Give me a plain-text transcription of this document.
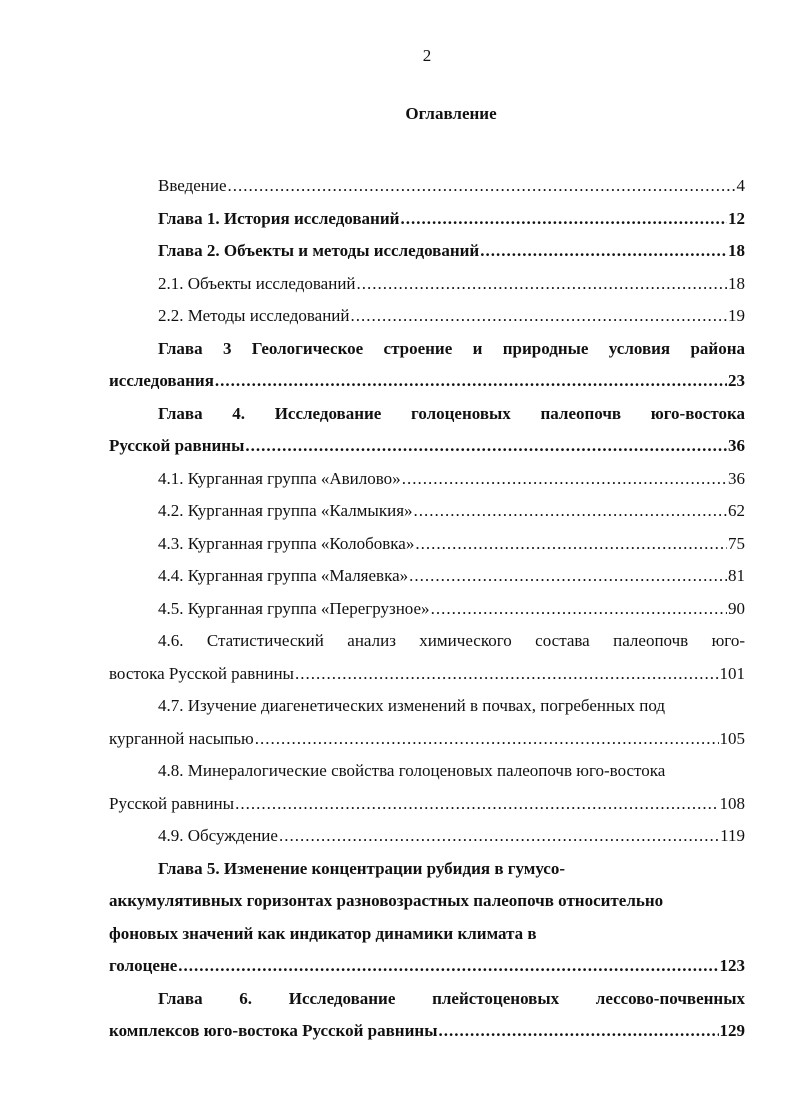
2
Оглавление
Введение .....	4
Глава 1. История исследований .....	12
Глава 2. Объекты и методы исследований .....	18
2.1. Объекты исследований .....	18
2.2. Методы исследований .....	19
Глава 3 Геологическое строение и природные условия района
исследования .....	23
Глава 4. Исследование голоценовых палеопочв юго-востока
Русской равнины .....	36
4.1. Курганная группа «Авилово» .....	36
4.2. Курганная группа «Калмыкия» .....	62
4.3. Курганная группа «Колобовка» .....	75
4.4. Курганная группа «Маляевка» .....	81
4.5. Курганная группа «Перегрузное» .....	90
4.6. Статистический анализ химического состава палеопочв юго-
востока Русской равнины .....	101
4.7. Изучение диагенетических изменений в почвах, погребенных под
курганной насыпью .....	105
4.8. Минералогические свойства голоценовых палеопочв юго-востока
Русской равнины .....	108
4.9. Обсуждение .....	119
Глава 5. Изменение концентрации рубидия в гумусо-
аккумулятивных горизонтах разновозрастных палеопочв относительно
фоновых значений как индикатор динамики климата в
голоцене .....	123
Глава 6. Исследование плейстоценовых лессово-почвенных
комплексов юго-востока Русской равнины .....	129
